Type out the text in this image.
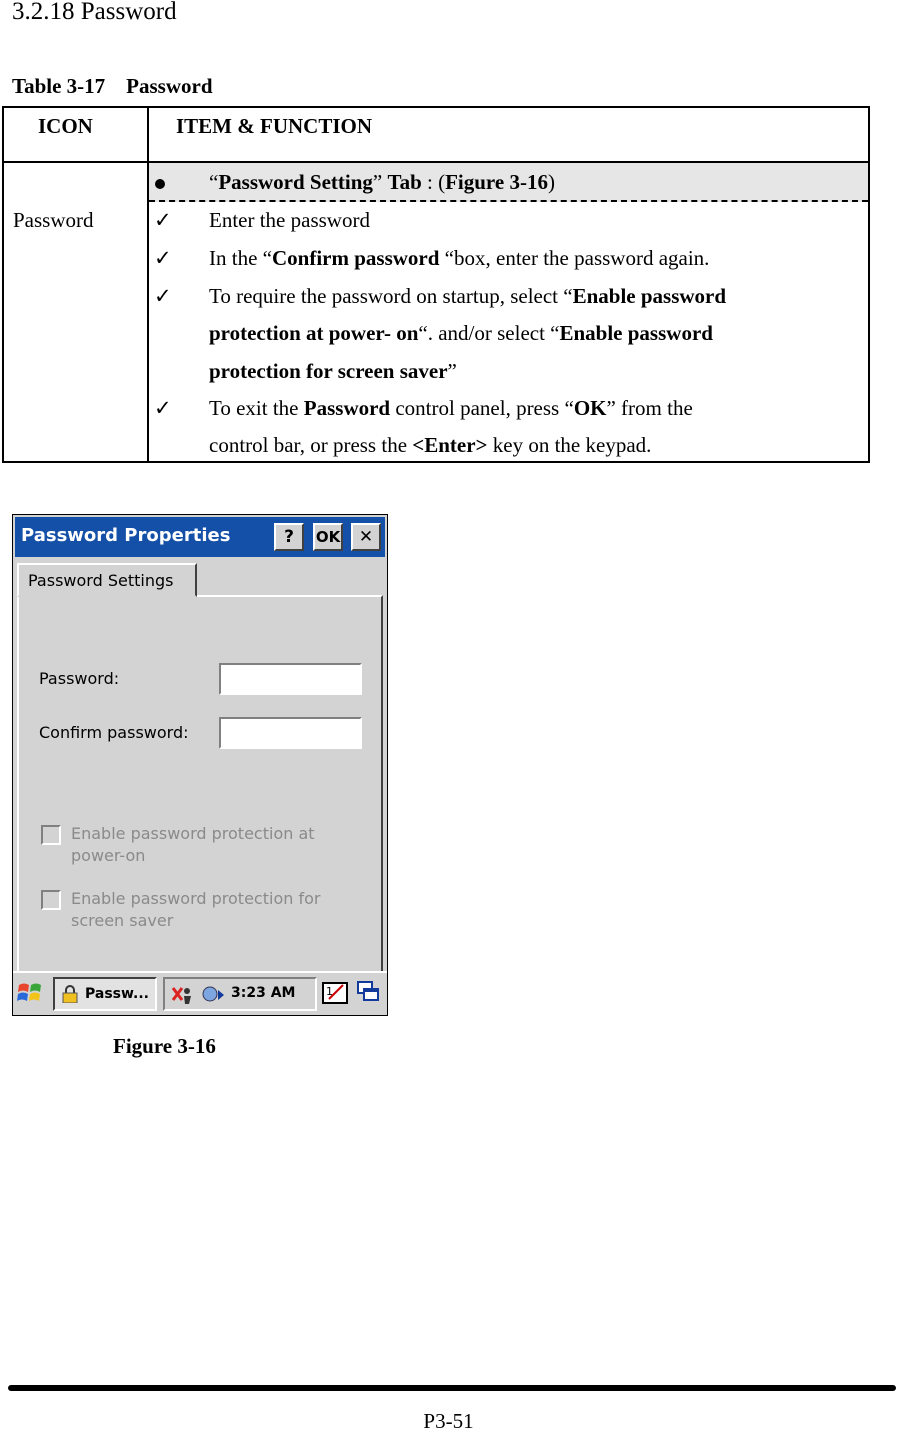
3.2.18 Password
Table 3-17    Password
ICON	ITEM & FUNCTION
Password
“Password Setting” Tab : (Figure 3-16)
✓	Enter the password
✓	In the “Confirm password “box, enter the password again.
✓	To require the password on startup, select “Enable password
protection at power- on“. and/or select “Enable password
protection for screen saver”
✓	To exit the Password control panel, press “OK” from the
control bar, or press the <Enter> key on the keypad.
Password Properties	?	OK	✕
Password Settings
Password:
Confirm password:
Enable password protection at power-on
Enable password protection for screen saver
Passw...	3:23 AM	1
Figure 3-16
P3-51
